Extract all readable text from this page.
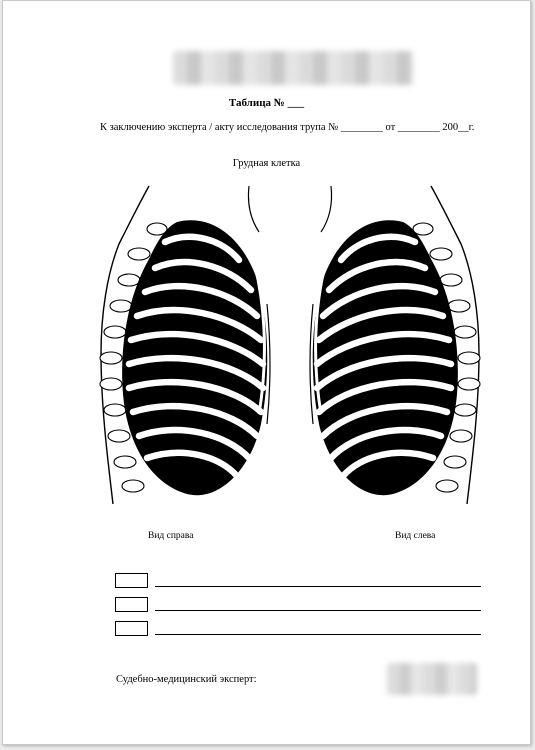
Таблица № ___
К заключению эксперта / акту исследования трупа № ________ от ________ 200__г.
Грудная клетка
Вид справа	Вид слева
Судебно-медицинский эксперт:
